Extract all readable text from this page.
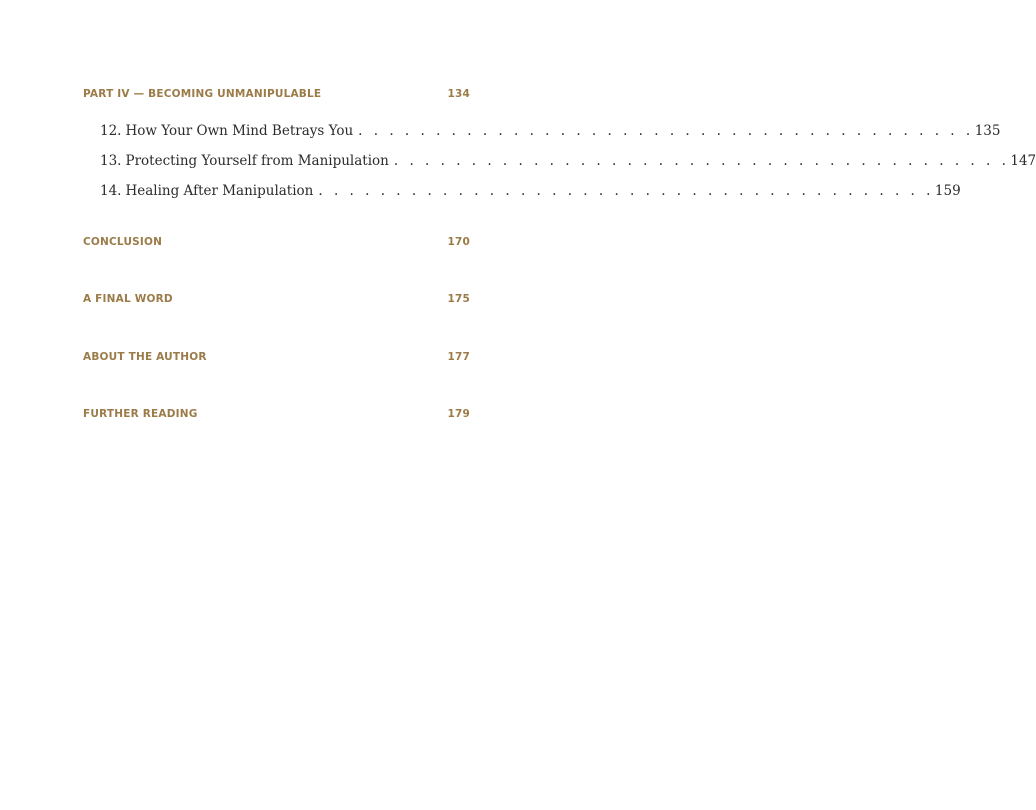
PART IV — BECOMING UNMANIPULABLE	134
12. How Your Own Mind Betrays You . . . . . . . . . . . . . . . . . . . . . . . . . . . . . . . . . . . . . . . . 135
13. Protecting Yourself from Manipulation . . . . . . . . . . . . . . . . . . . . . . . . . . . . . . . . . . . . . . . . 147
14. Healing After Manipulation . . . . . . . . . . . . . . . . . . . . . . . . . . . . . . . . . . . . . . . . 159
CONCLUSION	170
A FINAL WORD	175
ABOUT THE AUTHOR	177
FURTHER READING	179
